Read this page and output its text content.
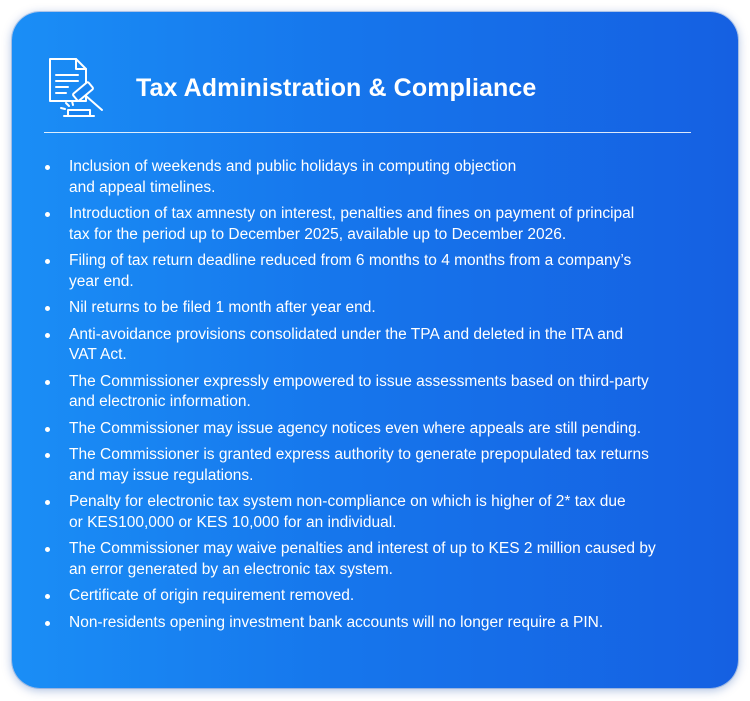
Tax Administration & Compliance
Inclusion of weekends and public holidays in computing objection
and appeal timelines.
Introduction of tax amnesty on interest, penalties and fines on payment of principal
tax for the period up to December 2025, available up to December 2026.
Filing of tax return deadline reduced from 6 months to 4 months from a company’s
year end.
Nil returns to be filed 1 month after year end.
Anti-avoidance provisions consolidated under the TPA and deleted in the ITA and
VAT Act.
The Commissioner expressly empowered to issue assessments based on third-party
and electronic information.
The Commissioner may issue agency notices even where appeals are still pending.
The Commissioner is granted express authority to generate prepopulated tax returns
and may issue regulations.
Penalty for electronic tax system non-compliance on which is higher of 2* tax due
or KES100,000 or KES 10,000 for an individual.
The Commissioner may waive penalties and interest of up to KES 2 million caused by
an error generated by an electronic tax system.
Certificate of origin requirement removed.
Non-residents opening investment bank accounts will no longer require a PIN.
